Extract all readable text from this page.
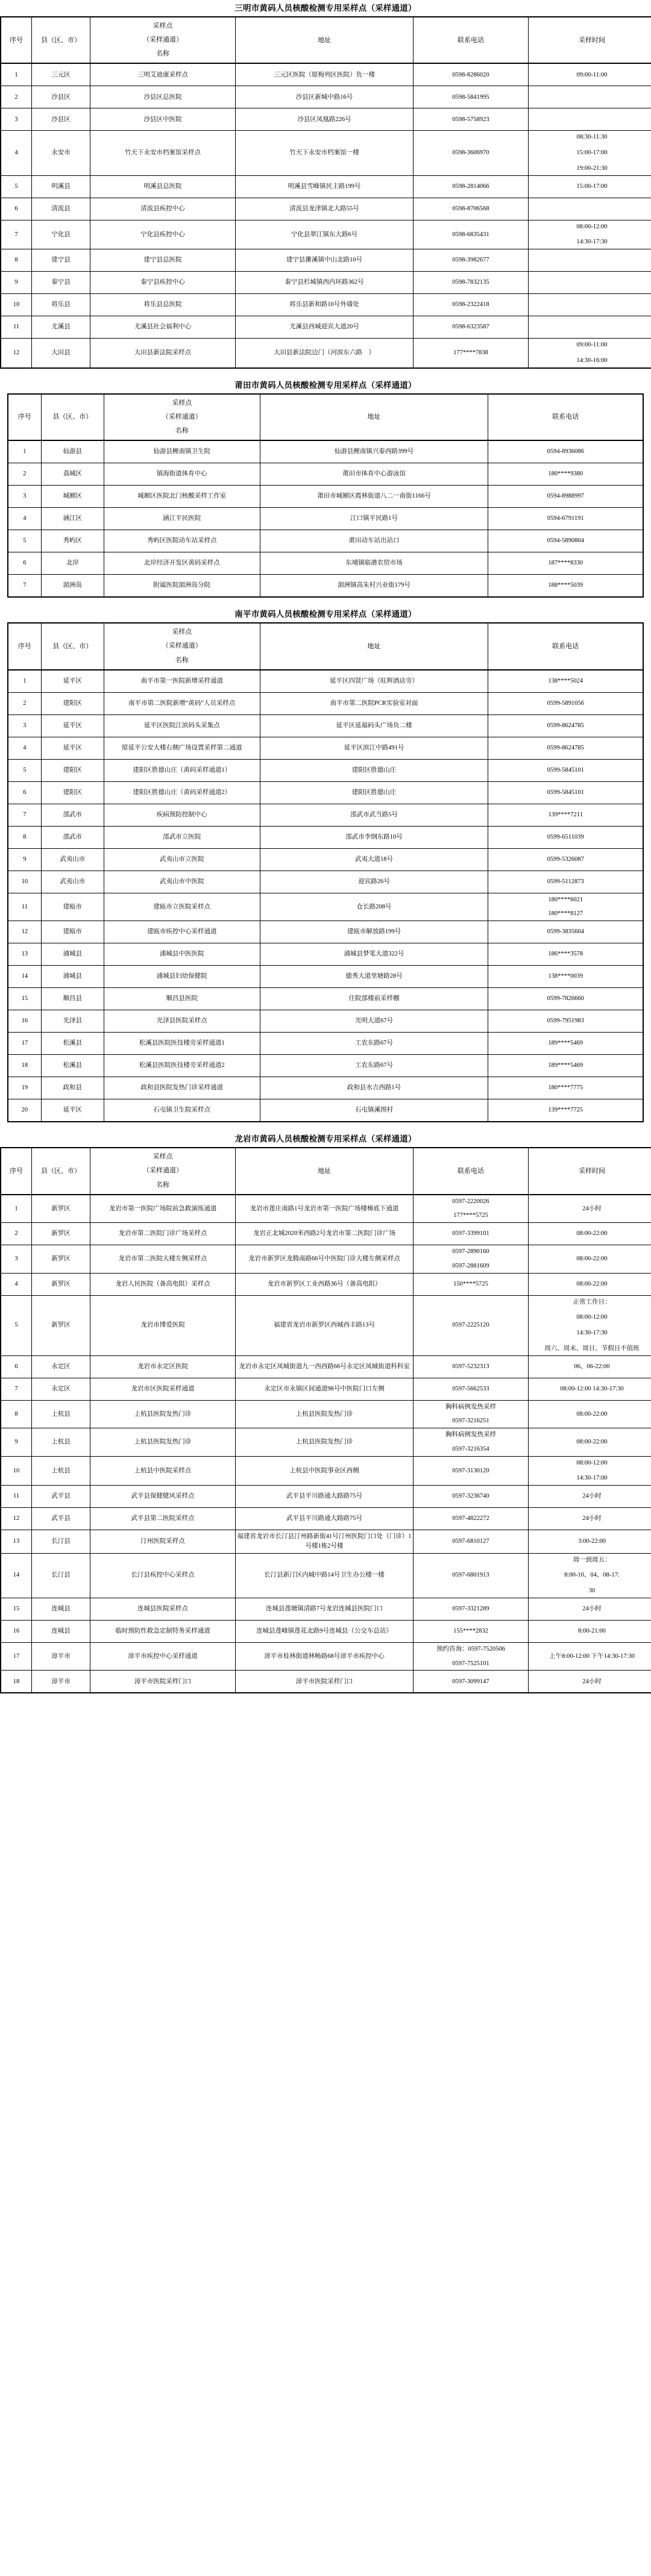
三明市黄码人员核酸检测专用采样点（采样通道）
序号	县（区、市）	采样点
（采样通道）
名称	地址	联系电话	采样时间
1	三元区	三明艾迪康采样点	三元区医院（原梅列区医院）负一楼	0598-8286020	09:00-11:00
2	沙县区	沙县区总医院	沙县区新城中路16号	0598-5841995	
3	沙县区	沙县区中医院	沙县区凤凰路226号	0598-5758923	
4	永安市	竹天下永安市档案馆采样点	竹天下永安市档案馆一楼	0598-3606970	08:30-11:30
15:00-17:00
19:00-21:30

5	明溪县	明溪县总医院	明溪县雪峰镇民主路199号	0598-2814066	15:00-17:00
6	清流县	清流县疾控中心	清流县龙津镇北大路55号	0598-8706568	
7	宁化县	宁化县疾控中心	宁化县翠江镇东大路6号	0598-6835431	08:00-12:00
14:30-17:30

8	建宁县	建宁县总医院	建宁县濉溪镇中山北路10号	0598-3982677	
9	泰宁县	泰宁县疾控中心	泰宁县杉城镇西内环路362号	0598-7832135	
10	将乐县	将乐县总医院	将乐县新和路10号外墙处	0598-2322418	
11	尤溪县	尤溪县社会福利中心	尤溪县西城迎宾大道20号	0598-6323587	
12	大田县	大田县新法院采样点	大田县新法院边门（河滨东六路　）	177****7838	09:00-11:00
14:30-16:00
莆田市黄码人员核酸检测专用采样点（采样通道）
序号	县（区、市）	采样点
（采样通道）
名称	地址	联系电话
1	仙游县	仙游县鲤南镇卫生院	仙游县鲤南镇兴泰西路399号	0594-8936086
2	荔城区	镇海街道体育中心	莆田市体育中心游泳馆	180****9380
3	城厢区	城厢区医院北门核酸采样工作室	莆田市城厢区霞林街道八二一南街1166号	0594-8988997
4	涵江区	涵江平民医院	江口镇平民路1号	0594-6791191
5	秀屿区	秀屿区医院动车站采样点	莆田动车站出站口	0594-5890804
6	北岸	北岸经济开发区黄码采样点	东埔镇临港农贸市场	187****8330
7	湄洲岛	附属医院湄洲岛分院	湄洲镇高朱村兴业街179号	188****5039
南平市黄码人员核酸检测专用采样点（采样通道）
序号	县（区、市）	采样点
（采样通道）
名称	地址	联系电话
1	延平区	南平市第一医院新增采样通道	延平区四贤广场（旺辉酒店旁）	138****5024
2	建阳区	南平市第二医院新增“黄码”人员采样点	南平市第二医院PCR实验室对面	0599-5891056
3	延平区	延平区医院江滨码头采集点	延平区延福码头广场负二楼	0599-8624785
4	延平区	原延平公安大楼右侧广场设置采样第二通道	延平区滨江中路491号	0599-8624785
5	建阳区	建阳区胜德山庄（黄码采样通道1）	建阳区胜德山庄	0599-5845101
6	建阳区	建阳区胜德山庄（黄码采样通道2）	建阳区胜德山庄	0599-5845101
7	邵武市	疾病预防控制中心	邵武市武当路5号	139****7211
8	邵武市	邵武市立医院	邵武市李纲东路10号	0599-6511039
9	武夷山市	武夷山市立医院	武夷大道18号	0599-5326087
10	武夷山市	武夷山市中医院	迎宾路26号	0599-5112873
11	建瓯市	建瓯市立医院采样点	仓长路208号	180****6021
180****8127

12	建瓯市	建瓯市疾控中心采样通道	建瓯市解放路199号	0599-3835604
13	浦城县	浦城县中医医院	浦城县梦笔大道322号	186****3578
14	浦城县	浦城县妇幼保健院	德秀大道里塘路28号	138****0039
15	顺昌县	顺昌县医院	住院部楼前采样棚	0599-7826660
16	光泽县	光泽县医院采样点	光明大道67号	0599-7951983
17	松溪县	松溪县医院医技楼旁采样通道1	工农东路67号	189****5469
18	松溪县	松溪县医院医技楼旁采样通道2	工农东路67号	189****5469
19	政和县	政和县医院发热门诊采样通道	政和县水吉西路1号	180****7775
20	延平区	石屯镇卫生院采样点	石屯镇溪围村	139****7725
龙岩市黄码人员核酸检测专用采样点（采样通道）
序号	县（区、市）	采样点
（采样通道）
名称	地址	联系电话	采样时间
1	新罗区	龙岩市第一医院广场院前急救演练通道	龙岩市莲庄南路1号龙岩市第一医院广场楼梯底下通道	0597-2220026
177****5725	24小时
2	新罗区	龙岩市第二医院门诊广场采样点	龙岩正北城2020米西路2号龙岩市第二医院门诊广场	0597-3399101	08:00-22:00
3	新罗区	龙岩市第二医院大楼左侧采样点	龙岩市新罗区龙腾南路66号中医院门诊大楼左侧采样点	0597-2890160
0597-2881609	08:00-22:00
4	新罗区	龙岩人民医院（备高电阻）采样点	龙岩市新罗区工业西路36号（备高电阻）	150****5725	08:00-22:00
5	新罗区	龙岩市博爱医院	福建省龙岩市新罗区西城西丰路13号	0597-2225120	正常工作日：
08:00-12:00
14:30-17:30
周六、周末、周日、节假日不值班

6	永定区	龙岩市永定区医院	龙岩市永定区凤城街道九一西西路66号永定区凤城街道科科室	0597-5232313	06、06-22:00
7	永定区	龙岩市区医院采样通道	永定区市永镇区间通道98号中医院门口左侧	0597-5662533	08:00-12:00 14:30-17:30
8	上杭县	上杭县医院发热门诊	上杭县医院发热门诊	胸科病例发热采样
0597-3216251	08:00-22:00
9	上杭县	上杭县医院发热门诊	上杭县医院发热门诊	胸科病例发热采样
0597-3216354	08:00-22:00
10	上杭县	上杭县中医院采样点	上杭县中医院事业区西侧	0597-3130120	08:00-12:00
14:30-17:00

11	武平县	武平县保健健风采样点	武平县平川路通大路路75号	0597-3236740	24小时
12	武平县	武平县第二医院采样点	武平县平川路通大路路75号	0597-4822272	24小时
13	长汀县	汀州医院采样点	福建省龙岩市长汀县汀州路新街41号汀州医院门口处（门诊）1号楼1栋2号楼	0597-6810127	3:00-22:00
14	长汀县	长汀县疾控中心采样点	长汀县新汀区内城中路14号卫生办公楼一楼	0597-6801913	周一到周五：
8:00-10、04、08-17:
30

15	连城县	连城县医院采样点	连城县莲塘镇清路7号龙岩连城县医院门口	0597-3321289	24小时
16	连城县	临时预防性救急定制特务采样通道	连城县莲峰镇莲花北路9号连城县（公交车总站）	155****2832	8:00-21:00
17	漳平市	漳平市疾控中心采样通道	漳平市桂林街道林畅路68号漳平市疾控中心	预约咨询：0597-7520506
0597-7525101	上午8:00-12:00 下午14:30-17:30
18	漳平市	漳平市医院采样门口	漳平市医院采样门口	0597-3099147	24小时
